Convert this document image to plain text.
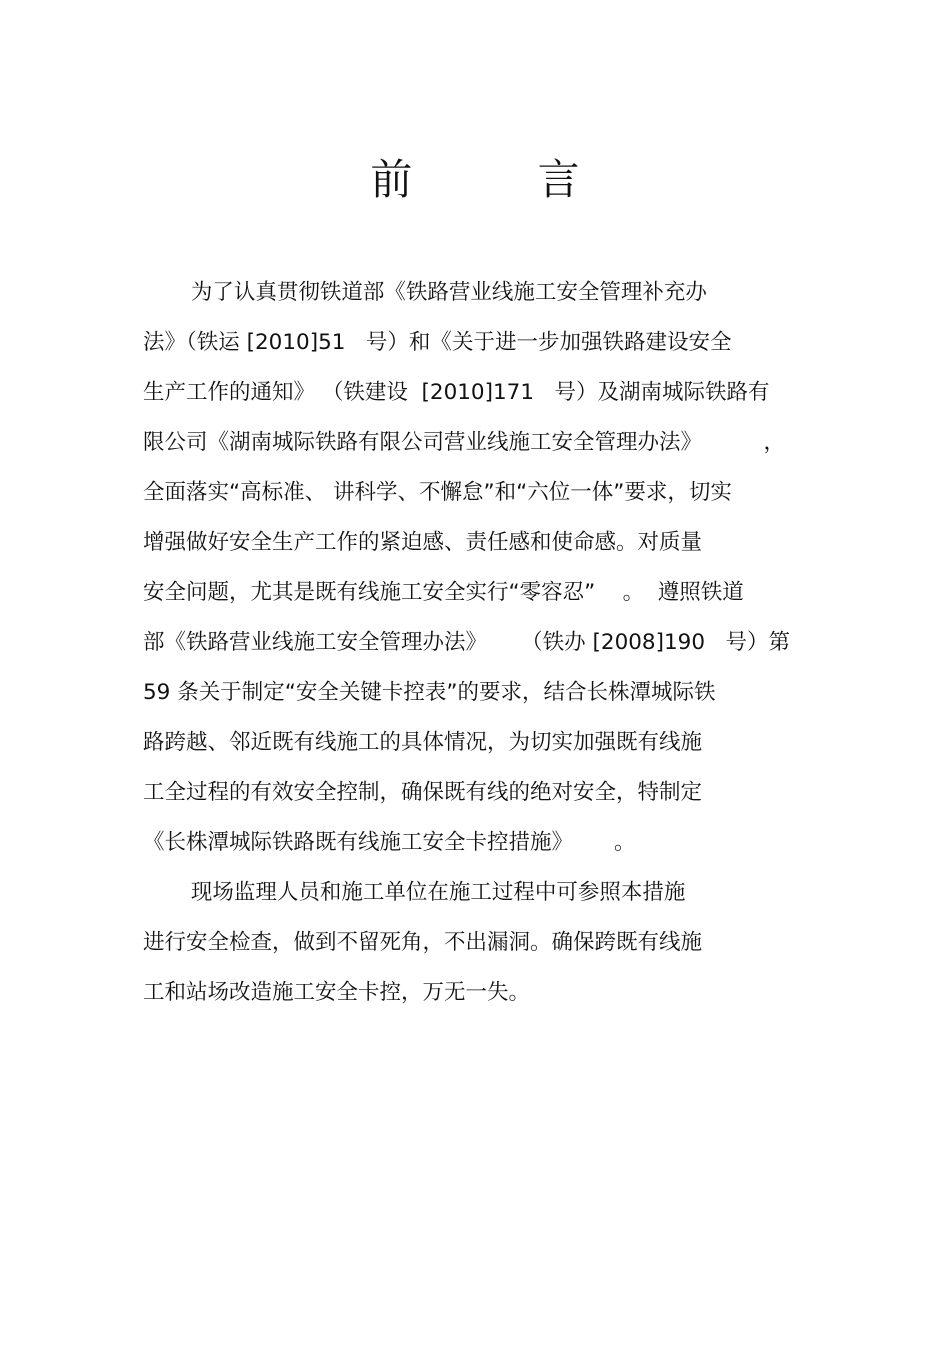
前 言
为了认真贯彻铁道部《铁路营业线施工安全管理补充办
法》（铁运 [2010]51   号）和《关于进一步加强铁路建设安全
生产工作的通知》 （铁建设  [2010]171   号）及湖南城际铁路有
限公司《湖南城际铁路有限公司营业线施工安全管理办法》         ，
全面落实“高标准、 讲科学、不懈怠”和“六位一体”要求，切实
增强做好安全生产工作的紧迫感、责任感和使命感。对质量
安全问题，尤其是既有线施工安全实行“零容忍”    。  遵照铁道
部《铁路营业线施工安全管理办法》     （铁办 [2008]190   号）第
59 条关于制定“安全关键卡控表”的要求，结合长株潭城际铁
路跨越、邻近既有线施工的具体情况，为切实加强既有线施
工全过程的有效安全控制，确保既有线的绝对安全，特制定
《长株潭城际铁路既有线施工安全卡控措施》      。
现场监理人员和施工单位在施工过程中可参照本措施
进行安全检查，做到不留死角，不出漏洞。确保跨既有线施
工和站场改造施工安全卡控，万无一失。
